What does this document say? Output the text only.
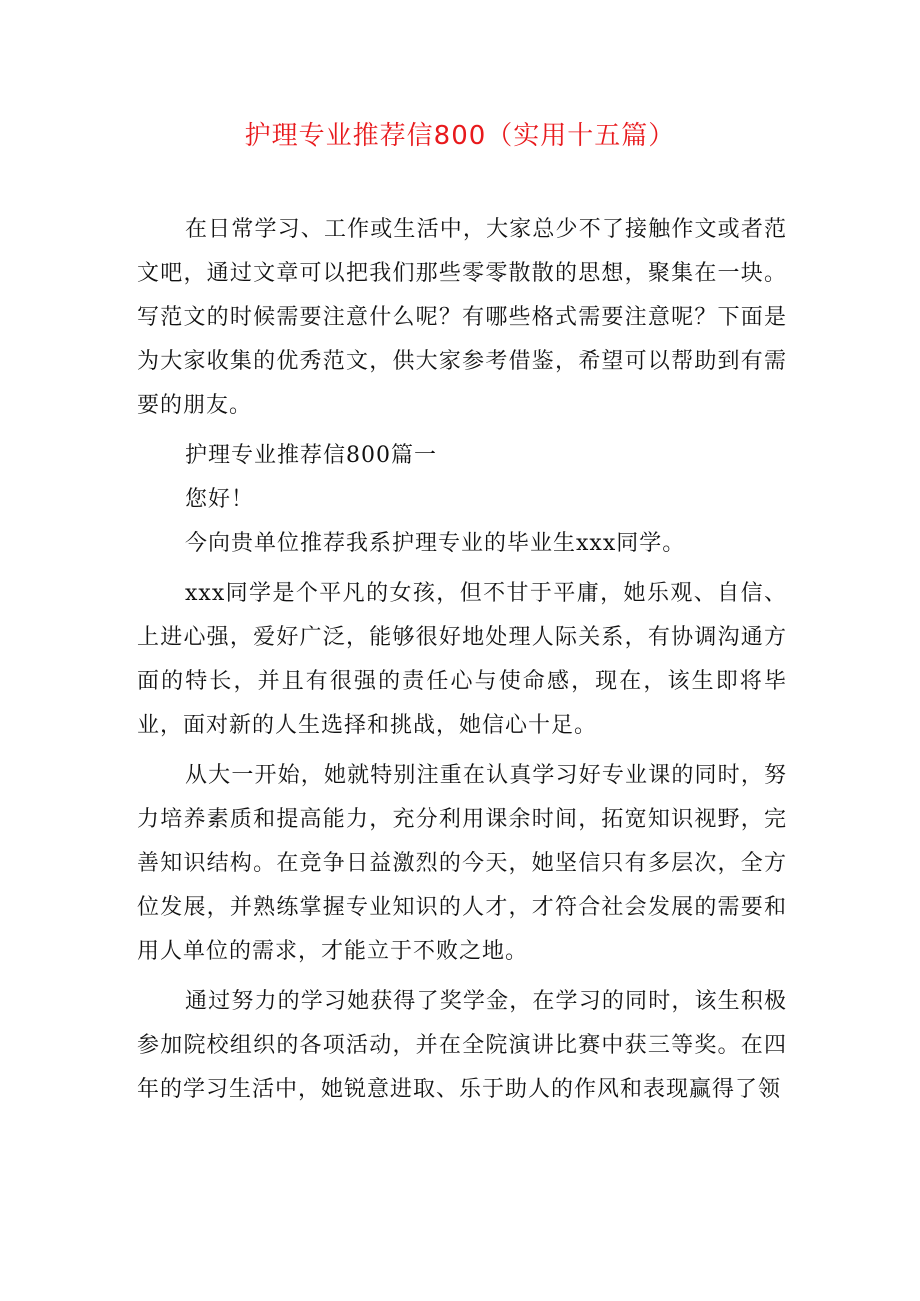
护理专业推荐信800（实用十五篇）

在日常学习、工作或生活中，大家总少不了接触作文或者范文吧，通过文章可以把我们那些零零散散的思想，聚集在一块。写范文的时候需要注意什么呢？有哪些格式需要注意呢？下面是为大家收集的优秀范文，供大家参考借鉴，希望可以帮助到有需要的朋友。

护理专业推荐信800篇一

您好！

今向贵单位推荐我系护理专业的毕业生xxx同学。

xxx同学是个平凡的女孩，但不甘于平庸，她乐观、自信、上进心强，爱好广泛，能够很好地处理人际关系，有协调沟通方面的特长，并且有很强的责任心与使命感，现在，该生即将毕业，面对新的人生选择和挑战，她信心十足。

从大一开始，她就特别注重在认真学习好专业课的同时，努力培养素质和提高能力，充分利用课余时间，拓宽知识视野，完善知识结构。在竞争日益激烈的今天，她坚信只有多层次，全方位发展，并熟练掌握专业知识的人才，才符合社会发展的需要和用人单位的需求，才能立于不败之地。

通过努力的学习她获得了奖学金，在学习的同时，该生积极参加院校组织的各项活动，并在全院演讲比赛中获三等奖。在四年的学习生活中，她锐意进取、乐于助人的作风和表现赢得了领
